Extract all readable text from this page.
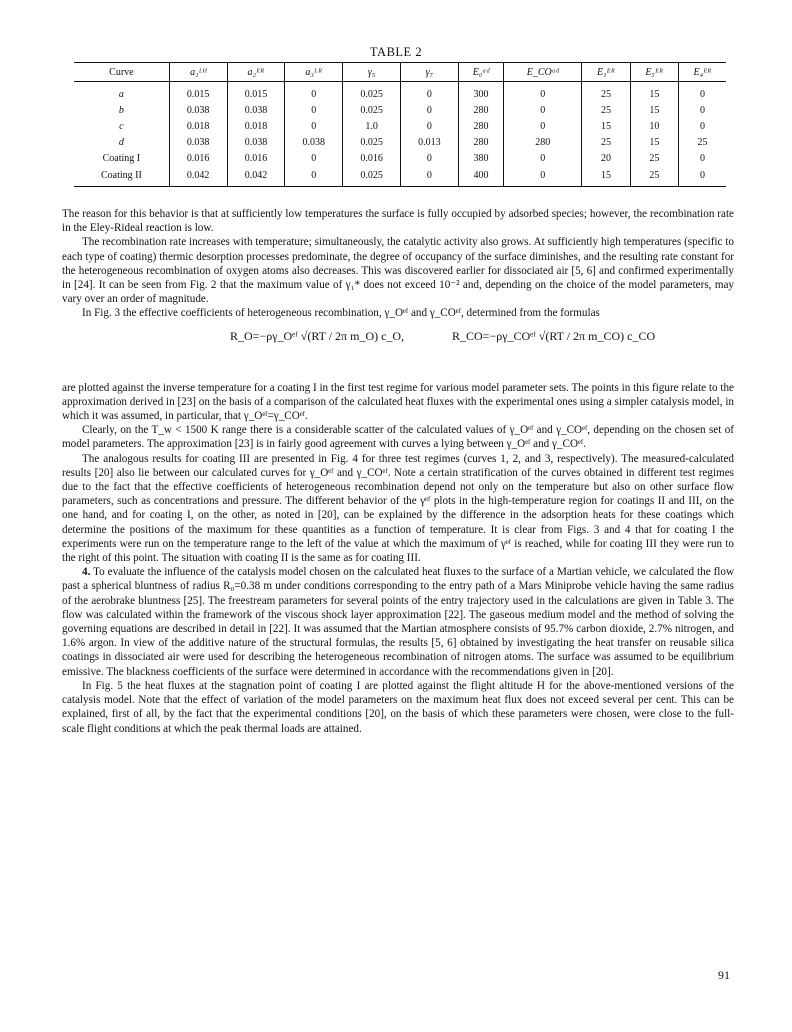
TABLE 2
Curve	a₁ᴸᴴ	a₂ᴱᴿ	a₃ᴸᴿ	γ₅	γ₇	E₀ᵃᵈ	E_COᵃᵈ	E₁ᴱᴿ	E₅ᴱᴿ	E₄ᴱᴿ
a	0.015	0.015	0	0.025	0	300	0	25	15	0
b	0.038	0.038	0	0.025	0	280	0	25	15	0
c	0.018	0.018	0	1.0	0	280	0	15	10	0
d	0.038	0.038	0.038	0.025	0.013	280	280	25	15	25
Coating I	0.016	0.016	0	0.016	0	380	0	20	25	0
Coating II	0.042	0.042	0	0.025	0	400	0	15	25	0

The reason for this behavior is that at sufficiently low temperatures the surface is fully occupied by adsorbed species; however, the recombination rate in the Eley-Rideal reaction is low.

The recombination rate increases with temperature; simultaneously, the catalytic activity also grows. At sufficiently high temperatures (specific to each type of coating) thermic desorption processes predominate, the degree of occupancy of the surface diminishes, and the resulting rate constant for the heterogeneous recombination of oxygen atoms also decreases. This was discovered earlier for dissociated air [5, 6] and confirmed experimentally in [24]. It can be seen from Fig. 2 that the maximum value of γ₁* does not exceed 10⁻² and, depending on the choice of the model parameters, may vary over an order of magnitude.

In Fig. 3 the effective coefficients of heterogeneous recombination, γ_Oᵉᶠ and γ_COᵉᶠ, determined from the formulas

R_O=−ργ_Oᵉᶠ √(RT / 2π m_O) c_O,	R_CO=−ργ_COᵉᶠ √(RT / 2π m_CO) c_CO

are plotted against the inverse temperature for a coating I in the first test regime for various model parameter sets. The points in this figure relate to the approximation derived in [23] on the basis of a comparison of the calculated heat fluxes with the experimental ones using a simpler catalysis model, in which it was assumed, in particular, that γ_Oᵉᶠ=γ_COᵉᶠ.

Clearly, on the T_w < 1500 K range there is a considerable scatter of the calculated values of γ_Oᵉᶠ and γ_COᵉᶠ, depending on the chosen set of model parameters. The approximation [23] is in fairly good agreement with curves a lying between γ_Oᵉᶠ and γ_COᵉᶠ.

The analogous results for coating III are presented in Fig. 4 for three test regimes (curves 1, 2, and 3, respectively). The measured-calculated results [20] also lie between our calculated curves for γ_Oᵉᶠ and γ_COᵉᶠ. Note a certain stratification of the curves obtained in different test regimes due to the fact that the effective coefficients of heterogeneous recombination depend not only on the temperature but also on other surface flow parameters, such as concentrations and pressure. The different behavior of the γᵉᶠ plots in the high-temperature region for coatings II and III, on the one hand, and for coating I, on the other, as noted in [20], can be explained by the difference in the adsorption heats for these coatings which determine the positions of the maximum for these quantities as a function of temperature. It is clear from Figs. 3 and 4 that for coating I the experiments were run on the temperature range to the left of the value at which the maximum of γᵉᶠ is reached, while for coating III they were run to the right of this point. The situation with coating II is the same as for coating III.

4. To evaluate the influence of the catalysis model chosen on the calculated heat fluxes to the surface of a Martian vehicle, we calculated the flow past a spherical bluntness of radius R₀=0.38 m under conditions corresponding to the entry path of a Mars Miniprobe vehicle having the same radius of the aerobrake bluntness [25]. The freestream parameters for several points of the entry trajectory used in the calculations are given in Table 3. The flow was calculated within the framework of the viscous shock layer approximation [22]. The gaseous medium model and the method of solving the governing equations are described in detail in [22]. It was assumed that the Martian atmosphere consists of 95.7% carbon dioxide, 2.7% nitrogen, and 1.6% argon. In view of the additive nature of the structural formulas, the results [5, 6] obtained by investigating the heat transfer on reusable silica coatings in dissociated air were used for describing the heterogeneous recombination of nitrogen atoms. The surface was assumed to be equilibrium emissive. The blackness coefficients of the surface were determined in accordance with the recommendations given in [20].

In Fig. 5 the heat fluxes at the stagnation point of coating I are plotted against the flight altitude H for the above-mentioned versions of the catalysis model. Note that the effect of variation of the model parameters on the maximum heat flux does not exceed several per cent. This can be explained, first of all, by the fact that the experimental conditions [20], on the basis of which these parameters were chosen, were close to the full-scale flight conditions at which the peak thermal loads are attained.

91
